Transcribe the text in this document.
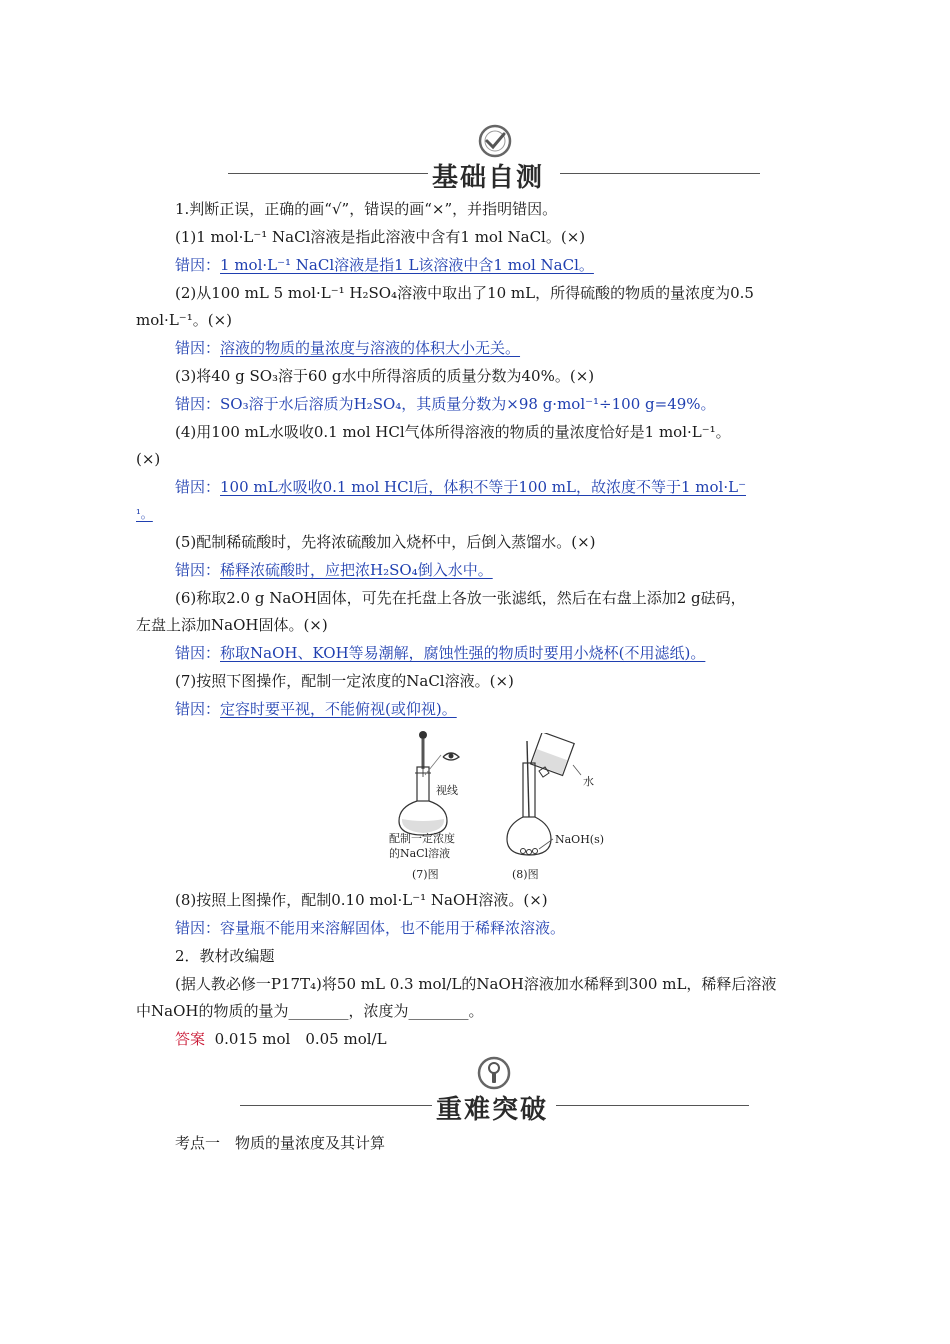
基础自测
1.判断正误，正确的画“√”，错误的画“×”，并指明错因。
(1)1 mol·L⁻¹ NaCl溶液是指此溶液中含有1 mol NaCl。(×)
错因：1 mol·L⁻¹ NaCl溶液是指1 L该溶液中含1 mol NaCl。
(2)从100 mL 5 mol·L⁻¹ H₂SO₄溶液中取出了10 mL，所得硫酸的物质的量浓度为0.5
mol·L⁻¹。(×)
错因：溶液的物质的量浓度与溶液的体积大小无关。
(3)将40 g SO₃溶于60 g水中所得溶质的质量分数为40%。(×)
错因：SO₃溶于水后溶质为H₂SO₄，其质量分数为×98 g·mol⁻¹÷100 g=49%。
(4)用100 mL水吸收0.1 mol HCl气体所得溶液的物质的量浓度恰好是1 mol·L⁻¹。
(×)
错因：100 mL水吸收0.1 mol HCl后，体积不等于100 mL，故浓度不等于1 mol·L⁻
¹。
(5)配制稀硫酸时，先将浓硫酸加入烧杯中，后倒入蒸馏水。(×)
错因：稀释浓硫酸时，应把浓H₂SO₄倒入水中。
(6)称取2.0 g NaOH固体，可先在托盘上各放一张滤纸，然后在右盘上添加2 g砝码，
左盘上添加NaOH固体。(×)
错因：称取NaOH、KOH等易潮解，腐蚀性强的物质时要用小烧杯(不用滤纸)。
(7)按照下图操作，配制一定浓度的NaCl溶液。(×)
错因：定容时要平视，不能俯视(或仰视)。
视线
配制一定浓度
的NaCl溶液
(7)图
水
NaOH(s)
(8)图
(8)按照上图操作，配制0.10 mol·L⁻¹ NaOH溶液。(×)
错因：容量瓶不能用来溶解固体，也不能用于稀释浓溶液。
2．教材改编题
(据人教必修一P17T₄)将50 mL 0.3 mol/L的NaOH溶液加水稀释到300 mL，稀释后溶液
中NaOH的物质的量为________，浓度为________。
答案 0.015 mol　0.05 mol/L
重难突破
考点一　物质的量浓度及其计算
